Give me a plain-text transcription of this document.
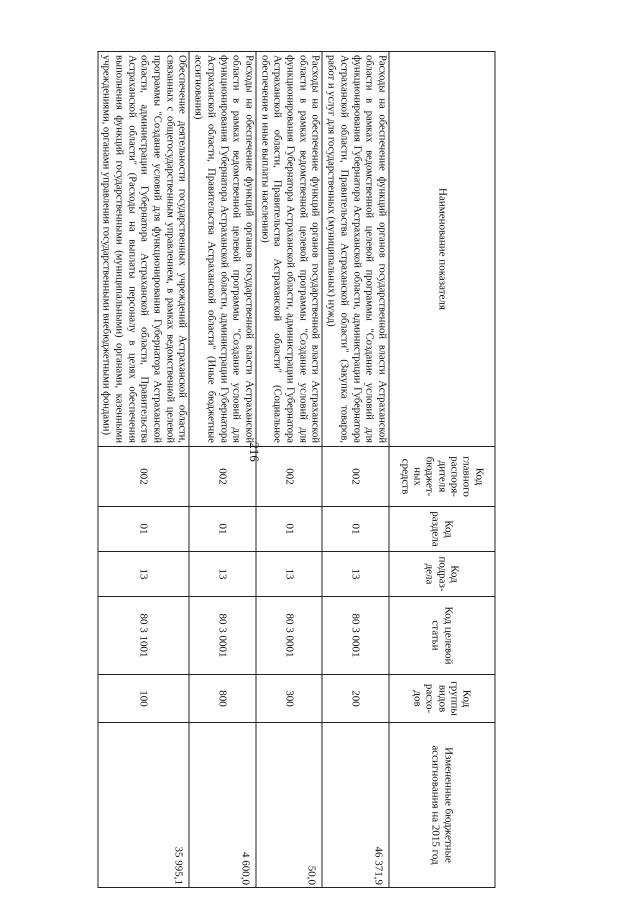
216
Наименование показателя	Код главного распоря-дителя бюджет-ных средств	Код раздела	Код подраз-дела	Код целевой статьи	Код группы видов расхо-дов	Измененные бюджетные ассигнования на 2015 год
Расходы на обеспечение функций органов государственной власти Астраханской области в рамках ведомственной целевой программы "Создание условий для функционирования Губернатора Астраханской области, администрации Губернатора Астраханской области, Правительства Астраханской области" (Закупка товаров, работ и услуг для государственных (муниципальных) нужд)	002	01	13	80 3 0001	200	46 371,9
Расходы на обеспечение функций органов государственной власти Астраханской области в рамках ведомственной целевой программы "Создание условий для функционирования Губернатора Астраханской области, администрации Губернатора Астраханской области, Правительства Астраханской области" (Социальное обеспечение и иные выплаты населению)	002	01	13	80 3 0001	300	50,0
Расходы на обеспечение функций органов государственной власти Астраханской области в рамках ведомственной целевой программы "Создание условий для функционирования Губернатора Астраханской области, администрации Губернатора Астраханской области, Правительства Астраханской области" (Иные бюджетные ассигнования)	002	01	13	80 3 0001	800	4 600,0
Обеспечение деятельности государственных учреждений Астраханской области, связанных с общегосударственным управлением, в рамках ведомственной целевой программы "Создание условий для функционирования Губернатора Астраханской области, администрации Губернатора Астраханской области, Правительства Астраханской области" (Расходы на выплаты персоналу в целях обеспечения выполнения функций государственными (муниципальными) органами, казенными учреждениями, органами управления государственными внебюджетными фондами)	002	01	13	80 3 1001	100	35 995,1
